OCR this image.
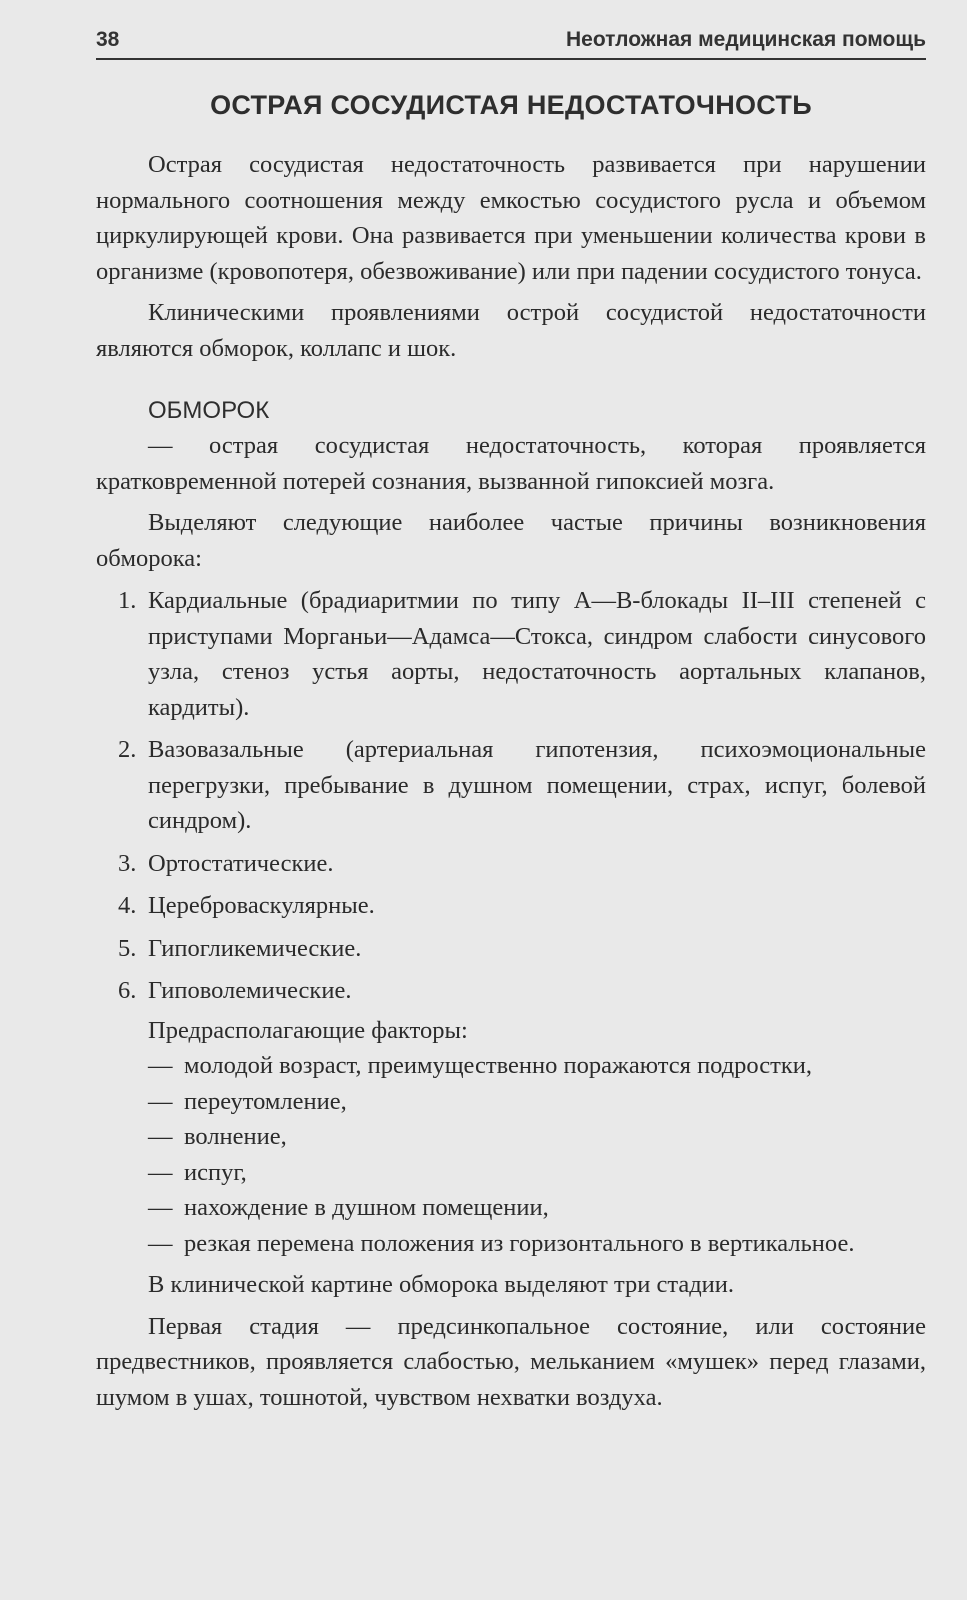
38	Неотложная медицинская помощь
ОСТРАЯ СОСУДИСТАЯ НЕДОСТАТОЧНОСТЬ

Острая сосудистая недостаточность развивается при нарушении нормального соотношения между емкостью сосудистого русла и объемом циркулирующей крови. Она развивается при уменьшении количества крови в организме (кровопотеря, обезвоживание) или при падении сосудистого тонуса.

Клиническими проявлениями острой сосудистой недостаточности являются обморок, коллапс и шок.

ОБМОРОК

— острая сосудистая недостаточность, которая проявляется кратковременной потерей сознания, вызванной гипоксией мозга.

Выделяют следующие наиболее частые причины возникновения обморока:

1. Кардиальные (брадиаритмии по типу А—В-блокады II–III степеней с приступами Морганьи—Адамса—Стокса, синдром слабости синусового узла, стеноз устья аорты, недостаточность аортальных клапанов, кардиты).
2. Вазовазальные (артериальная гипотензия, психоэмоциональные перегрузки, пребывание в душном помещении, страх, испуг, болевой синдром).
3. Ортостатические.
4. Цереброваскулярные.
5. Гипогликемические.
6. Гиповолемические.
Предрасполагающие факторы:
— молодой возраст, преимущественно поражаются подростки,
— переутомление,
— волнение,
— испуг,
— нахождение в душном помещении,
— резкая перемена положения из горизонтального в вертикальное.

В клинической картине обморока выделяют три стадии.

Первая стадия — предсинкопальное состояние, или состояние предвестников, проявляется слабостью, мельканием «мушек» перед глазами, шумом в ушах, тошнотой, чувством нехватки воздуха.
